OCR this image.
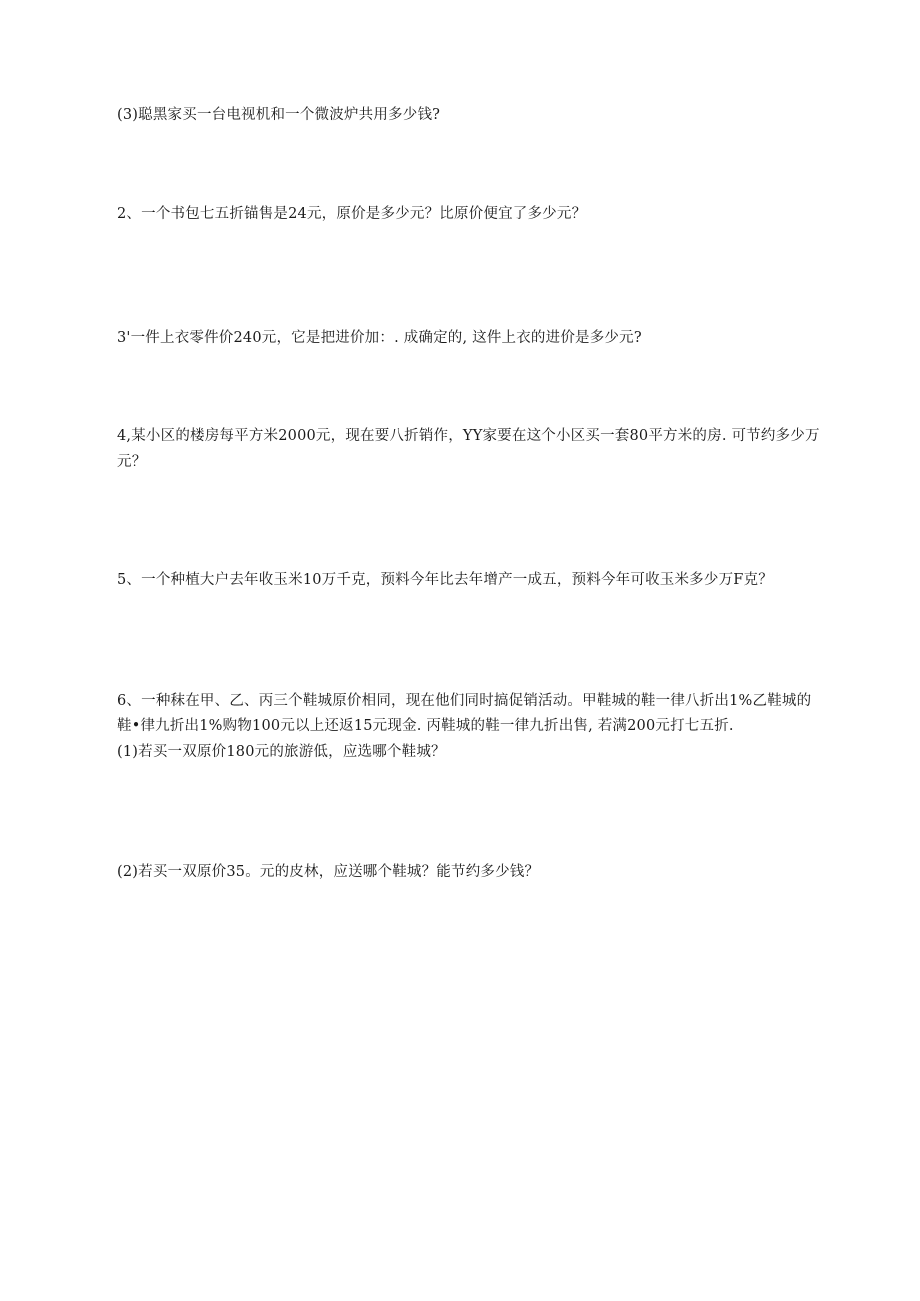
(3)聪黑家买一台电视机和一个微波炉共用多少钱?
2、一个书包七五折锚售是24元，原价是多少元？比原价便宜了多少元？
3'一件上衣零件价240元，它是把进价加：. 成确定的, 这件上衣的进价是多少元?
4,某小区的楼房每平方米2000元，现在要八折销作，YY家要在这个小区买一套80平方米的房. 可节约多少万
元？
5、一个种植大户去年收玉米10万千克，预料今年比去年增产一成五，预料今年可收玉米多少万F克？
6、一种秣在甲、乙、丙三个鞋城原价相同，现在他们同时搞促销活动。甲鞋城的鞋一律八折出1%乙鞋城的
鞋•律九折出1%购物100元以上还返15元现金. 丙鞋城的鞋一律九折出售, 若满200元打七五折.
(1)若买一双原价180元的旅游低，应选哪个鞋城？
(2)若买一双原价35。元的皮林，应送哪个鞋城？能节约多少钱？
